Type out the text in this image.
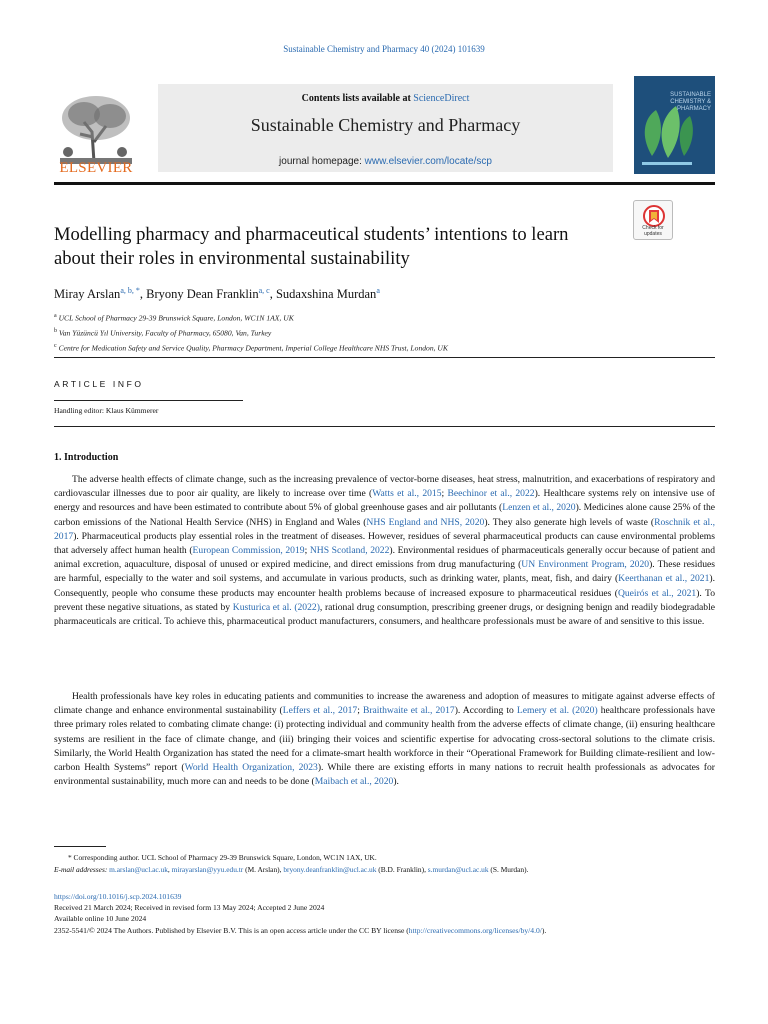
Sustainable Chemistry and Pharmacy 40 (2024) 101639
ELSEVIER
Contents lists available at ScienceDirect
Sustainable Chemistry and Pharmacy
journal homepage: www.elsevier.com/locate/scp
SUSTAINABLE CHEMISTRY & PHARMACY
Check for updates
Modelling pharmacy and pharmaceutical students’ intentions to learn about their roles in environmental sustainability
Miray Arslan$^{a, b, *}$, Bryony Dean Franklin$^{a, c}$, Sudaxshina Murdan$^a$
$^a$ UCL School of Pharmacy 29-39 Brunswick Square, London, WC1N 1AX, UK
$^b$ Van Yüzüncü Yıl University, Faculty of Pharmacy, 65080, Van, Turkey
$^c$ Centre for Medication Safety and Service Quality, Pharmacy Department, Imperial College Healthcare NHS Trust, London, UK
ARTICLE INFO
Handling editor: Klaus Kümmerer
1. Introduction

The adverse health effects of climate change, such as the increasing prevalence of vector-borne diseases, heat stress, malnutrition, and exacerbations of respiratory and cardiovascular illnesses due to poor air quality, are likely to increase over time (Watts et al., 2015; Beechinor et al., 2022). Healthcare systems rely on intensive use of energy and resources and have been estimated to contribute about 5% of global greenhouse gases and air pollutants (Lenzen et al., 2020). Medicines alone cause 25% of the carbon emissions of the National Health Service (NHS) in England and Wales (NHS England and NHS, 2020). They also generate high levels of waste (Roschnik et al., 2017). Pharmaceutical products play essential roles in the treatment of diseases. However, residues of several pharmaceutical products can cause environmental problems that adversely affect human health (European Commission, 2019; NHS Scotland, 2022). Environmental residues of pharmaceuticals generally occur because of patient and animal excretion, aquaculture, disposal of unused or expired medicine, and direct emissions from drug manufacturing (UN Environment Program, 2020). These residues are harmful, especially to the water and soil systems, and accumulate in various products, such as drinking water, plants, meat, fish, and dairy (Keerthanan et al., 2021). Consequently, people who consume these products may encounter health problems because of increased exposure to pharmaceutical residues (Queirós et al., 2021). To prevent these negative situations, as stated by Kusturica et al. (2022), rational drug consumption, prescribing greener drugs, or designing benign and readily biodegradable pharmaceuticals are critical. To achieve this, pharmaceutical product manufacturers, consumers, and healthcare professionals must be aware of and sensitive to this issue.

Health professionals have key roles in educating patients and communities to increase the awareness and adoption of measures to mitigate against adverse effects of climate change and enhance environmental sustainability (Leffers et al., 2017; Braithwaite et al., 2017). According to Lemery et al. (2020) healthcare professionals have three primary roles related to combating climate change: (i) protecting individual and community health from the adverse effects of climate change, (ii) ensuring healthcare systems are resilient in the face of climate change, and (iii) bringing their voices and scientific expertise for advocating cross-sectoral solutions to the climate crisis. Similarly, the World Health Organization has stated the need for a climate-smart health workforce in their “Operational Framework for Building climate-resilient and low-carbon Health Systems” report (World Health Organization, 2023). While there are existing efforts in many nations to recruit health professionals as advocates for environmental sustainability, much more can and needs to be done (Maibach et al., 2020).

* Corresponding author. UCL School of Pharmacy 29-39 Brunswick Square, London, WC1N 1AX, UK.
E-mail addresses: m.arslan@ucl.ac.uk, mirayarslan@yyu.edu.tr (M. Arslan), bryony.deanfranklin@ucl.ac.uk (B.D. Franklin), s.murdan@ucl.ac.uk (S. Murdan).
https://doi.org/10.1016/j.scp.2024.101639
Received 21 March 2024; Received in revised form 13 May 2024; Accepted 2 June 2024
Available online 10 June 2024
2352-5541/© 2024 The Authors. Published by Elsevier B.V. This is an open access article under the CC BY license (http://creativecommons.org/licenses/by/4.0/).
